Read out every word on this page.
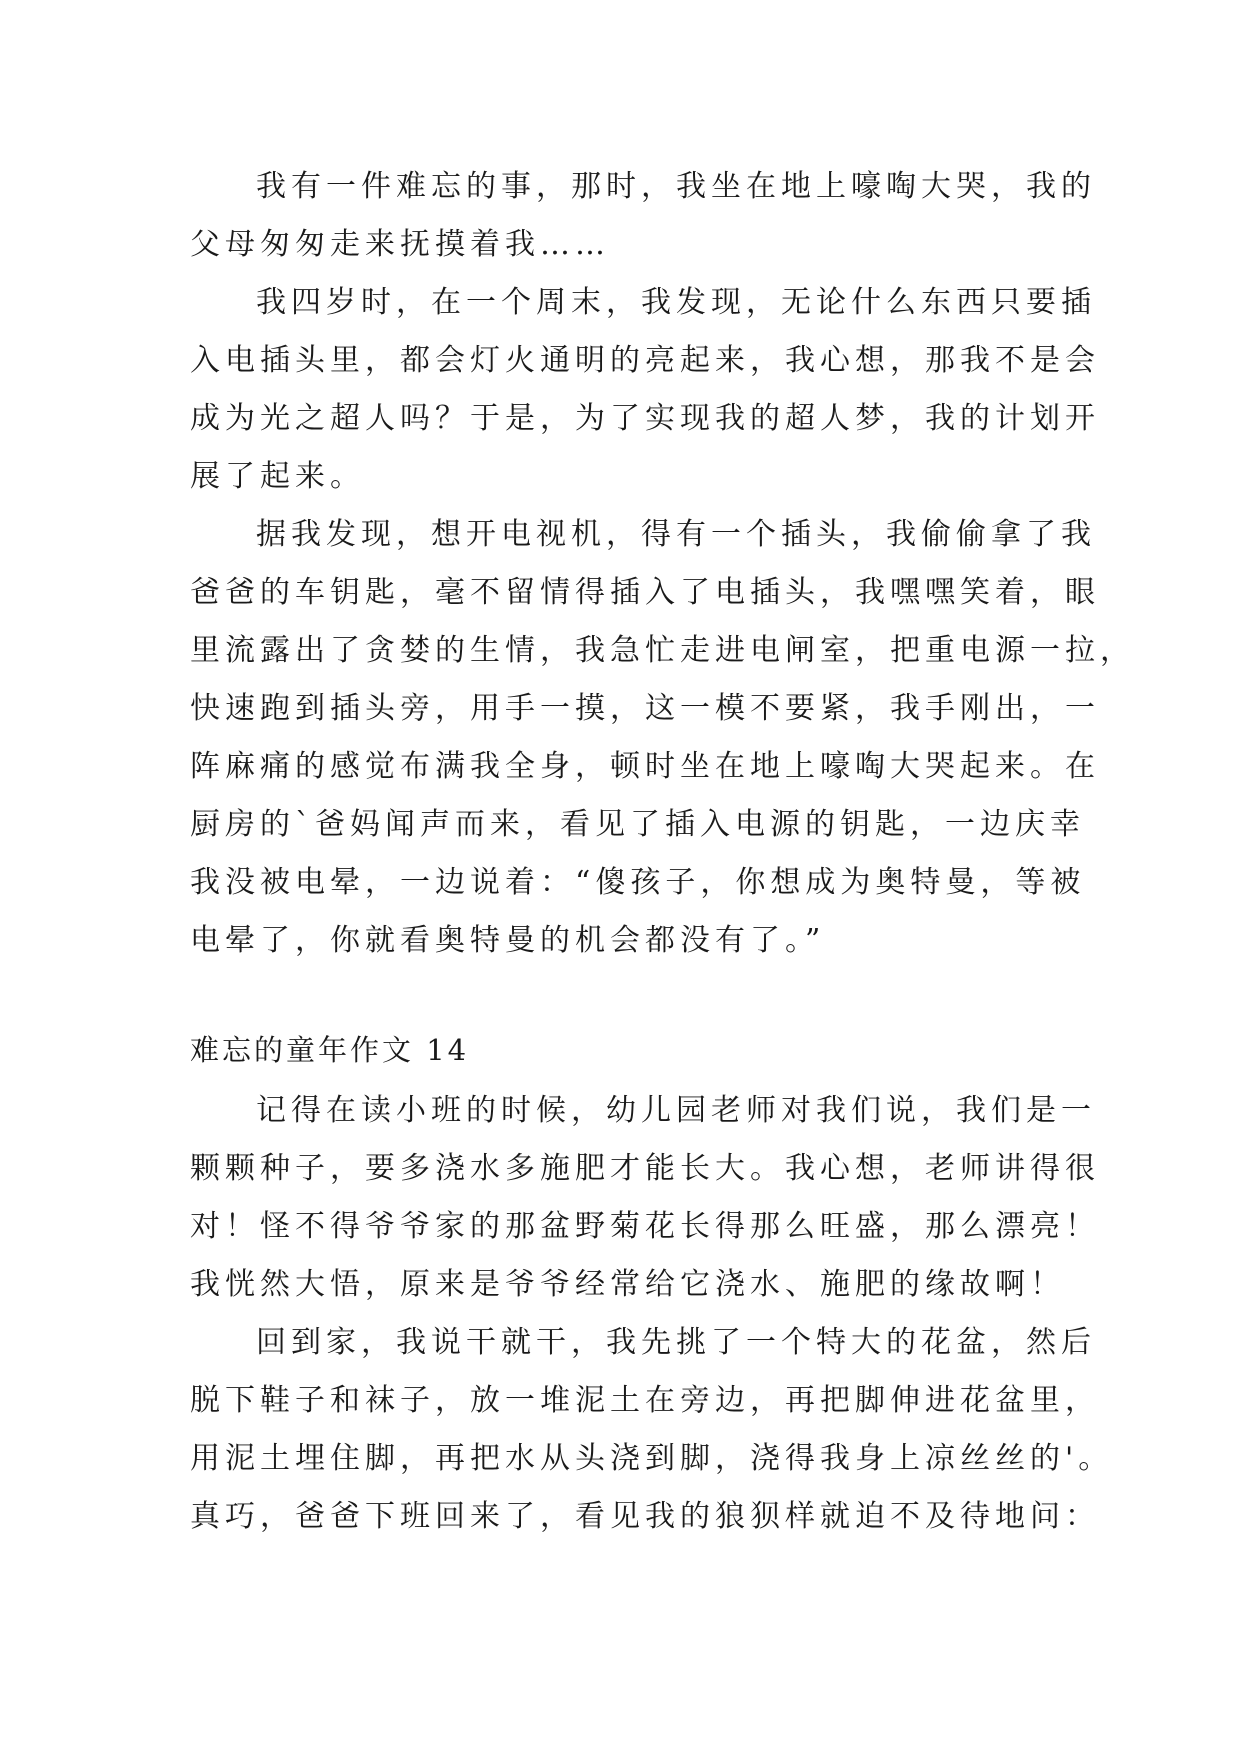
我有一件难忘的事，那时，我坐在地上嚎啕大哭，我的
父母匆匆走来抚摸着我……
我四岁时，在一个周末，我发现，无论什么东西只要插
入电插头里，都会灯火通明的亮起来，我心想，那我不是会
成为光之超人吗？于是，为了实现我的超人梦，我的计划开
展了起来。
据我发现，想开电视机，得有一个插头，我偷偷拿了我
爸爸的车钥匙，毫不留情得插入了电插头，我嘿嘿笑着，眼
里流露出了贪婪的生情，我急忙走进电闸室，把重电源一拉，
快速跑到插头旁，用手一摸，这一模不要紧，我手刚出，一
阵麻痛的感觉布满我全身，顿时坐在地上嚎啕大哭起来。在
厨房的`爸妈闻声而来，看见了插入电源的钥匙，一边庆幸
我没被电晕，一边说着：“傻孩子，你想成为奥特曼，等被
电晕了，你就看奥特曼的机会都没有了。”
难忘的童年作文 14
记得在读小班的时候，幼儿园老师对我们说，我们是一
颗颗种子，要多浇水多施肥才能长大。我心想，老师讲得很
对！怪不得爷爷家的那盆野菊花长得那么旺盛，那么漂亮！
我恍然大悟，原来是爷爷经常给它浇水、施肥的缘故啊！
回到家，我说干就干，我先挑了一个特大的花盆，然后
脱下鞋子和袜子，放一堆泥土在旁边，再把脚伸进花盆里，
用泥土埋住脚，再把水从头浇到脚，浇得我身上凉丝丝的'。
真巧，爸爸下班回来了，看见我的狼狈样就迫不及待地问：
